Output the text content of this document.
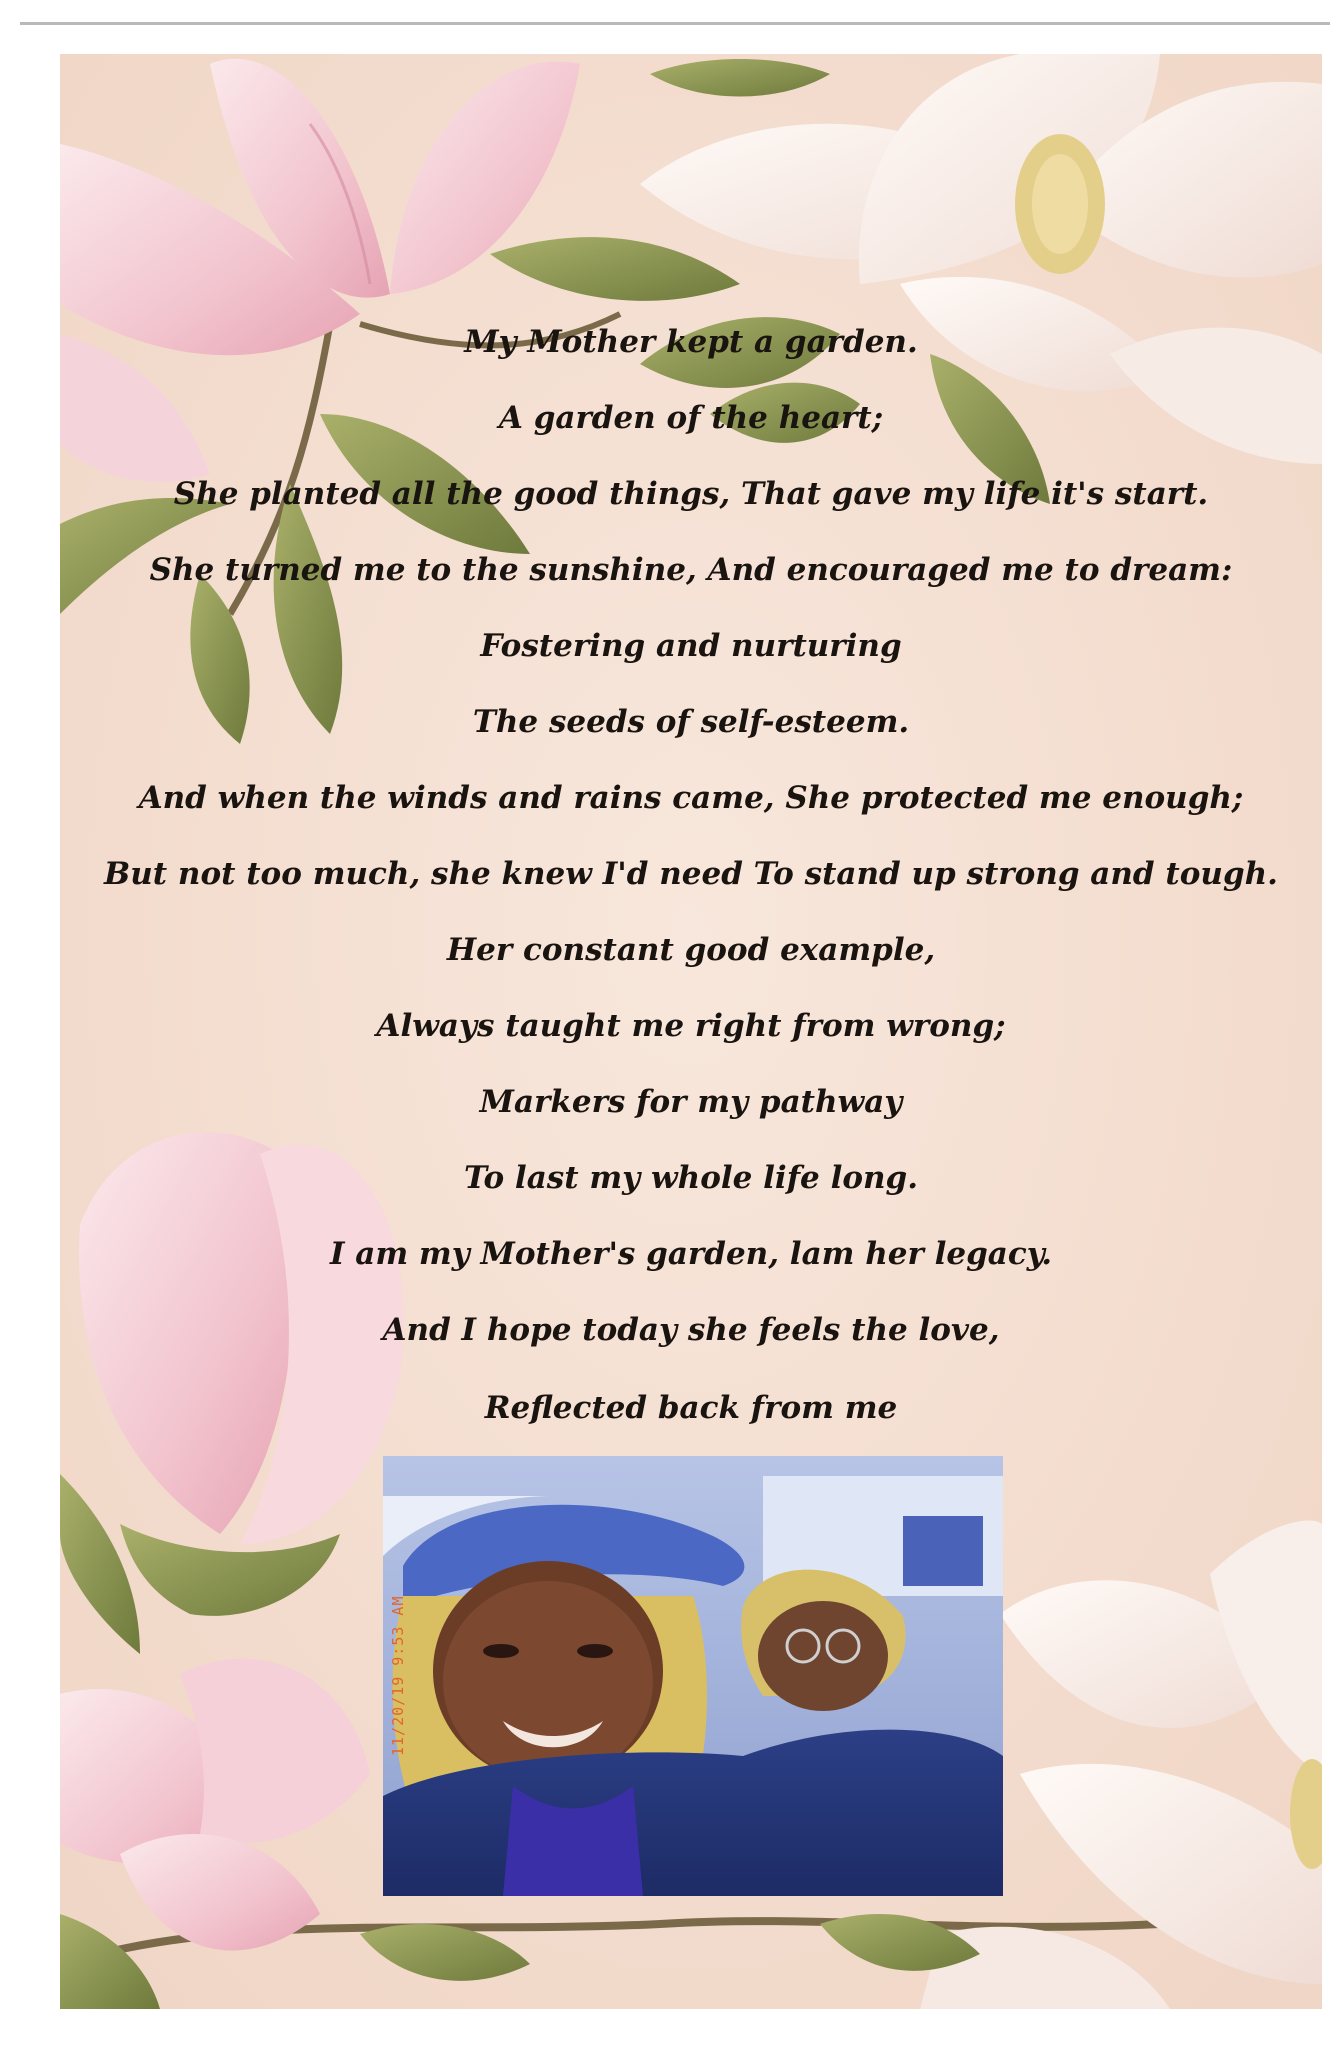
My Mother kept a garden.
A garden of the heart;
She planted all the good things, That gave my life it's start.
She turned me to the sunshine, And encouraged me to dream:
Fostering and nurturing
The seeds of self-esteem.
And when the winds and rains came, She protected me enough;
But not too much, she knew I'd need To stand up strong and tough.
Her constant good example,
Always taught me right from wrong;
Markers for my pathway
To last my whole life long.
I am my Mother's garden, lam her legacy.
And I hope today she feels the love,
Reflected back from me
11/20/19 9:53 AM
